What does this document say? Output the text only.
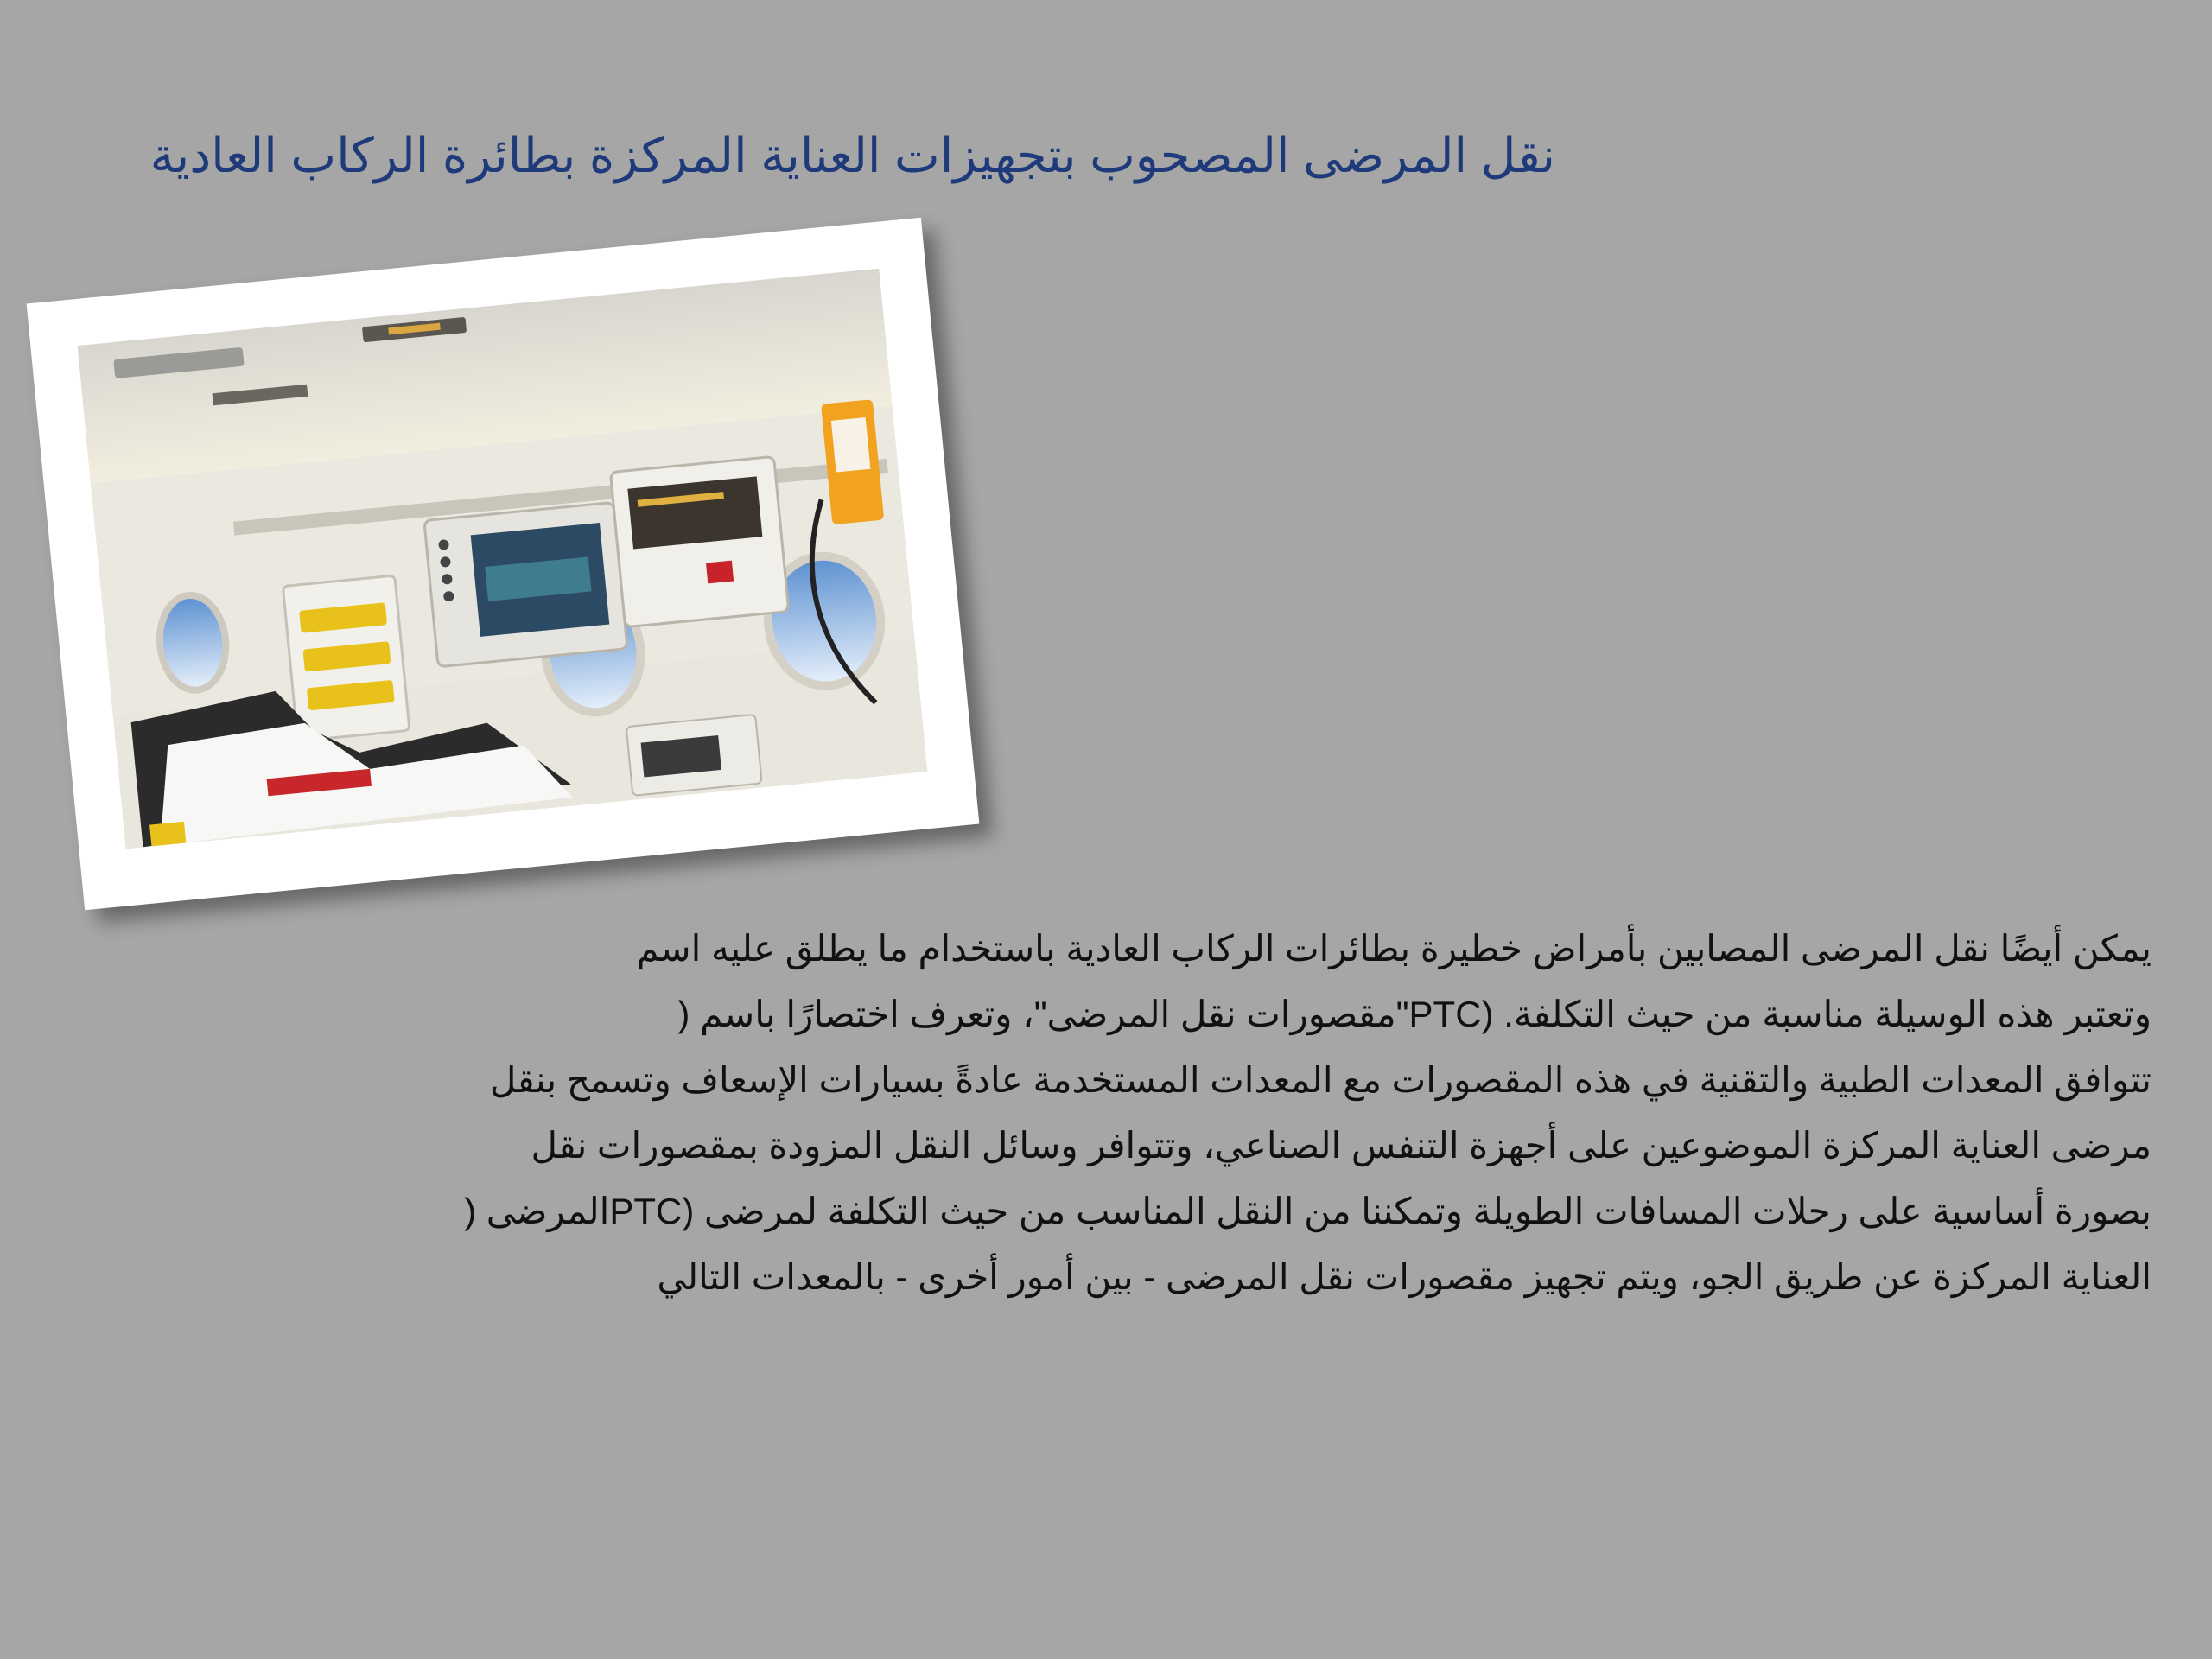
نقل المرضى المصحوب بتجهيزات العناية المركزة بطائرة الركاب العادية
يمكن أيضًا نقل المرضى المصابين بأمراض خطيرة بطائرات الركاب العادية باستخدام ما يطلق عليه اسم
وتعتبر هذه الوسيلة مناسبة من حيث التكلفة. (PTC"مقصورات نقل المرضى"، وتعرف اختصارًا باسم (
تتوافق المعدات الطبية والتقنية في هذه المقصورات مع المعدات المستخدمة عادةً بسيارات الإسعاف وتسمح بنقل
مرضى العناية المركزة الموضوعين على أجهزة التنفس الصناعي، وتتوافر وسائل النقل المزودة بمقصورات نقل
بصورة أساسية على رحلات المسافات الطويلة وتمكننا من النقل المناسب من حيث التكلفة لمرضى (PTCالمرضى (
العناية المركزة عن طريق الجو، ويتم تجهيز مقصورات نقل المرضى - بين أمور أخرى - بالمعدات التالي
